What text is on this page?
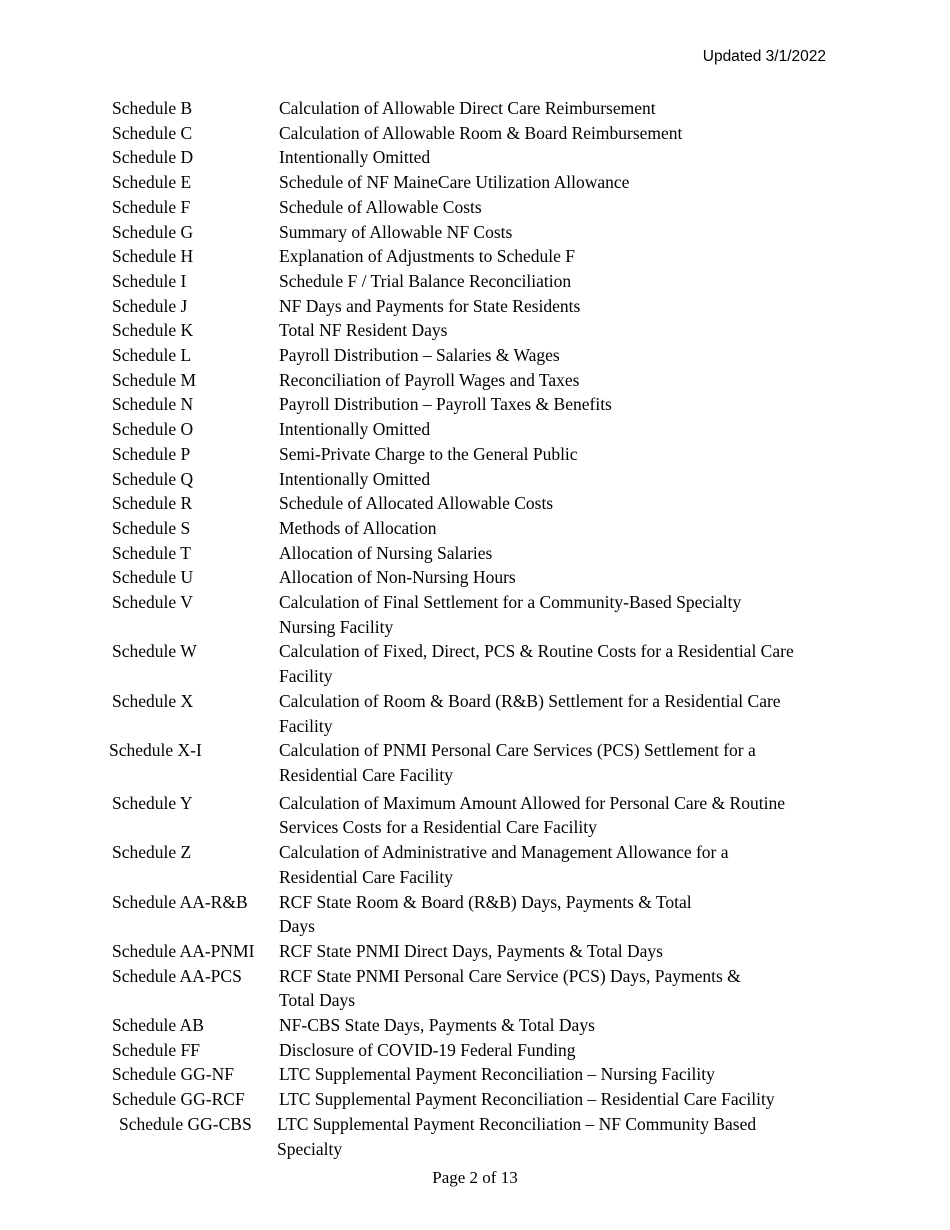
Updated 3/1/2022
Schedule B	Calculation of Allowable Direct Care Reimbursement
Schedule C	Calculation of Allowable Room & Board Reimbursement
Schedule D	Intentionally Omitted
Schedule E	Schedule of NF MaineCare Utilization Allowance
Schedule F	Schedule of Allowable Costs
Schedule G	Summary of Allowable NF Costs
Schedule H	Explanation of Adjustments to Schedule F
Schedule I	Schedule F / Trial Balance Reconciliation
Schedule J	NF Days and Payments for State Residents
Schedule K	Total NF Resident Days
Schedule L	Payroll Distribution – Salaries & Wages
Schedule M	Reconciliation of Payroll Wages and Taxes
Schedule N	Payroll Distribution – Payroll Taxes & Benefits
Schedule O	Intentionally Omitted
Schedule P	Semi-Private Charge to the General Public
Schedule Q	Intentionally Omitted
Schedule R	Schedule of Allocated Allowable Costs
Schedule S	Methods of Allocation
Schedule T	Allocation of Nursing Salaries
Schedule U	Allocation of Non-Nursing Hours
Schedule V	Calculation of Final Settlement for a Community-Based Specialty
Nursing Facility
Schedule W	Calculation of Fixed, Direct, PCS & Routine Costs for a Residential Care
Facility
Schedule X	Calculation of Room & Board (R&B) Settlement for a Residential Care
Facility
Schedule X-I	Calculation of PNMI Personal Care Services (PCS) Settlement for a
Residential Care Facility
Schedule Y	Calculation of Maximum Amount Allowed for Personal Care & Routine
Services Costs for a Residential Care Facility
Schedule Z	Calculation of Administrative and Management Allowance for a
Residential Care Facility
Schedule AA-R&B	RCF State Room & Board (R&B) Days, Payments & Total
Days
Schedule AA-PNMI	RCF State PNMI Direct Days, Payments & Total Days
Schedule AA-PCS	RCF State PNMI Personal Care Service (PCS) Days, Payments &
Total Days
Schedule AB	NF-CBS State Days, Payments & Total Days
Schedule FF	Disclosure of COVID-19 Federal Funding
Schedule GG-NF	LTC Supplemental Payment Reconciliation – Nursing Facility
Schedule GG-RCF	LTC Supplemental Payment Reconciliation – Residential Care Facility
Schedule GG-CBS	LTC Supplemental Payment Reconciliation – NF Community Based
Specialty
Page 2 of 13
